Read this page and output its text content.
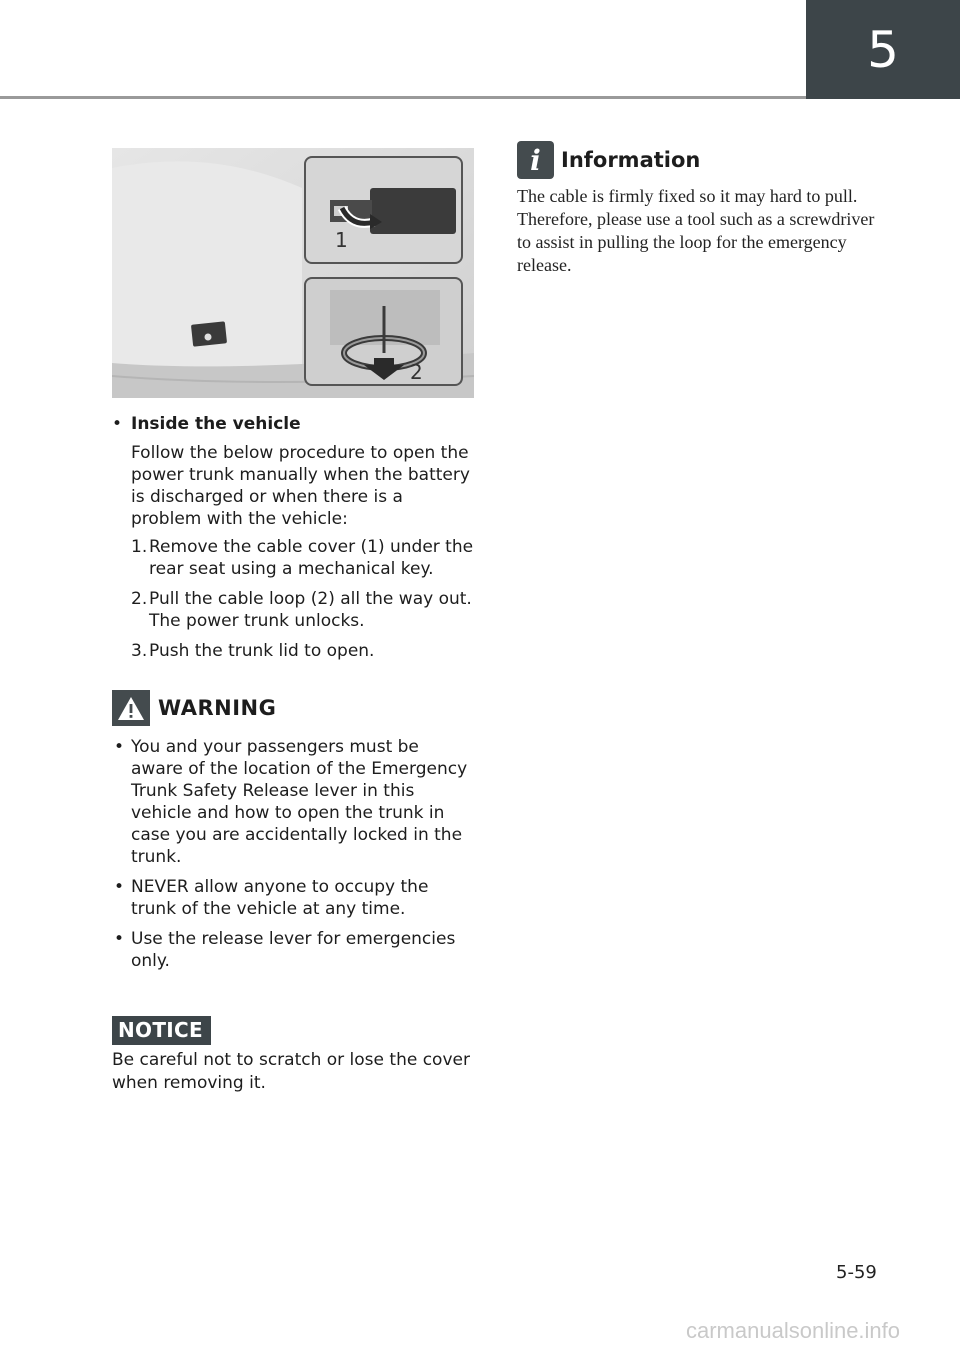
5
1
2

• Inside the vehicle

Follow the below procedure to open the power trunk manually when the battery is discharged or when there is a problem with the vehicle:

1. Remove the cable cover (1) under the rear seat using a mechanical key.
2. Pull the cable loop (2) all the way out. The power trunk unlocks.
3. Push the trunk lid to open.
WARNING
• You and your passengers must be aware of the location of the Emergency Trunk Safety Release lever in this vehicle and how to open the trunk in case you are accidentally locked in the trunk.
• NEVER allow anyone to occupy the trunk of the vehicle at any time.
• Use the release lever for emergencies only.
NOTICE

Be careful not to scratch or lose the cover when removing it.

i Information

The cable is firmly fixed so it may hard to pull. Therefore, please use a tool such as a screwdriver to assist in pulling the loop for the emergency release.

5-59
carmanualsonline.info
